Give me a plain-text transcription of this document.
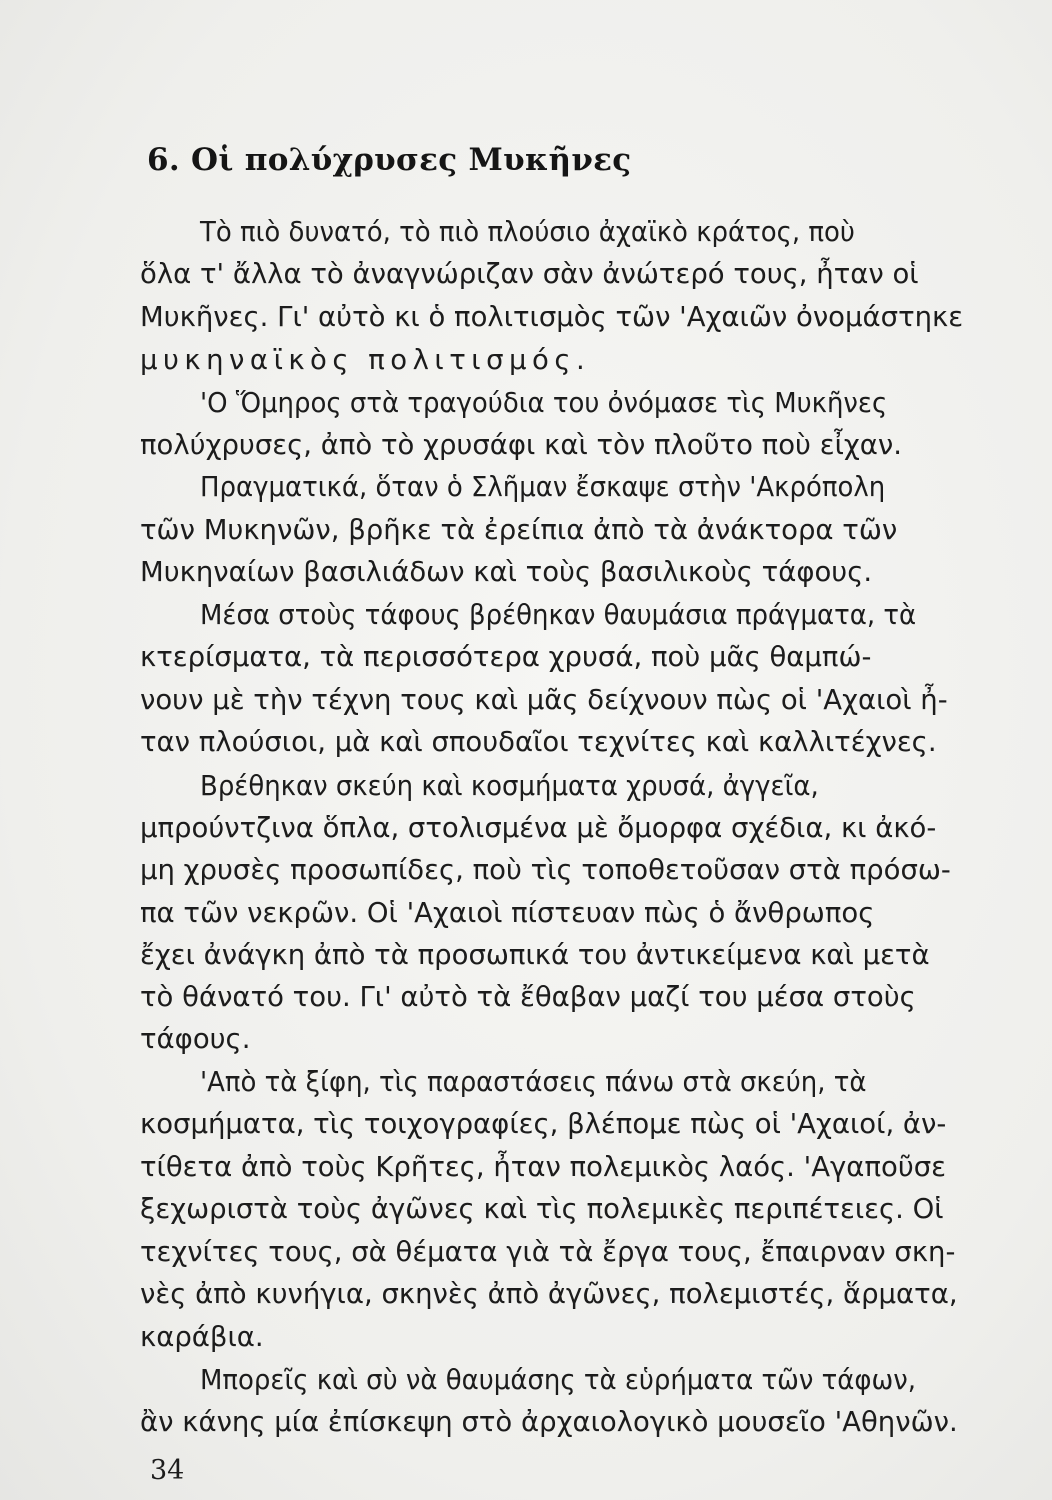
6. Οἱ πολύχρυσες Μυκῆνες

Τὸ πιὸ δυνατό, τὸ πιὸ πλούσιο ἀχαϊκὸ κράτος, ποὺ

ὅλα τ' ἄλλα τὸ ἀναγνώριζαν σὰν ἀνώτερό τους, ἦταν οἱ

Μυκῆνες. Γι' αὐτὸ κι ὁ πολιτισμὸς τῶν 'Αχαιῶν ὀνομάστηκε

μυκηναϊκὸς πολιτισμός.

'Ο Ὅμηρος στὰ τραγούδια του ὀνόμασε τὶς Μυκῆνες

πολύχρυσες, ἀπὸ τὸ χρυσάφι καὶ τὸν πλοῦτο ποὺ εἶχαν.

Πραγματικά, ὅταν ὁ Σλῆμαν ἔσκαψε στὴν 'Ακρόπολη

τῶν Μυκηνῶν, βρῆκε τὰ ἐρείπια ἀπὸ τὰ ἀνάκτορα τῶν

Μυκηναίων βασιλιάδων καὶ τοὺς βασιλικοὺς τάφους.

Μέσα στοὺς τάφους βρέθηκαν θαυμάσια πράγματα, τὰ

κτερίσματα, τὰ περισσότερα χρυσά, ποὺ μᾶς θαμπώ-

νουν μὲ τὴν τέχνη τους καὶ μᾶς δείχνουν πὼς οἱ 'Αχαιοὶ ἦ-

ταν πλούσιοι, μὰ καὶ σπουδαῖοι τεχνίτες καὶ καλλιτέχνες.

Βρέθηκαν σκεύη καὶ κοσμήματα χρυσά, ἀγγεῖα,

μπρούντζινα ὅπλα, στολισμένα μὲ ὄμορφα σχέδια, κι ἀκό-

μη χρυσὲς προσωπίδες, ποὺ τὶς τοποθετοῦσαν στὰ πρόσω-

πα τῶν νεκρῶν. Οἱ 'Αχαιοὶ πίστευαν πὼς ὁ ἄνθρωπος

ἔχει ἀνάγκη ἀπὸ τὰ προσωπικά του ἀντικείμενα καὶ μετὰ

τὸ θάνατό του. Γι' αὐτὸ τὰ ἔθαβαν μαζί του μέσα στοὺς

τάφους.

'Απὸ τὰ ξίφη, τὶς παραστάσεις πάνω στὰ σκεύη, τὰ

κοσμήματα, τὶς τοιχογραφίες, βλέπομε πὼς οἱ 'Αχαιοί, ἀν-

τίθετα ἀπὸ τοὺς Κρῆτες, ἦταν πολεμικὸς λαός. 'Αγαποῦσε

ξεχωριστὰ τοὺς ἀγῶνες καὶ τὶς πολεμικὲς περιπέτειες. Οἱ

τεχνίτες τους, σὰ θέματα γιὰ τὰ ἔργα τους, ἔπαιρναν σκη-

νὲς ἀπὸ κυνήγια, σκηνὲς ἀπὸ ἀγῶνες, πολεμιστές, ἅρματα,

καράβια.

Μπορεῖς καὶ σὺ νὰ θαυμάσης τὰ εὑρήματα τῶν τάφων,

ἂν κάνης μία ἐπίσκεψη στὸ ἀρχαιολογικὸ μουσεῖο 'Αθηνῶν.

34
